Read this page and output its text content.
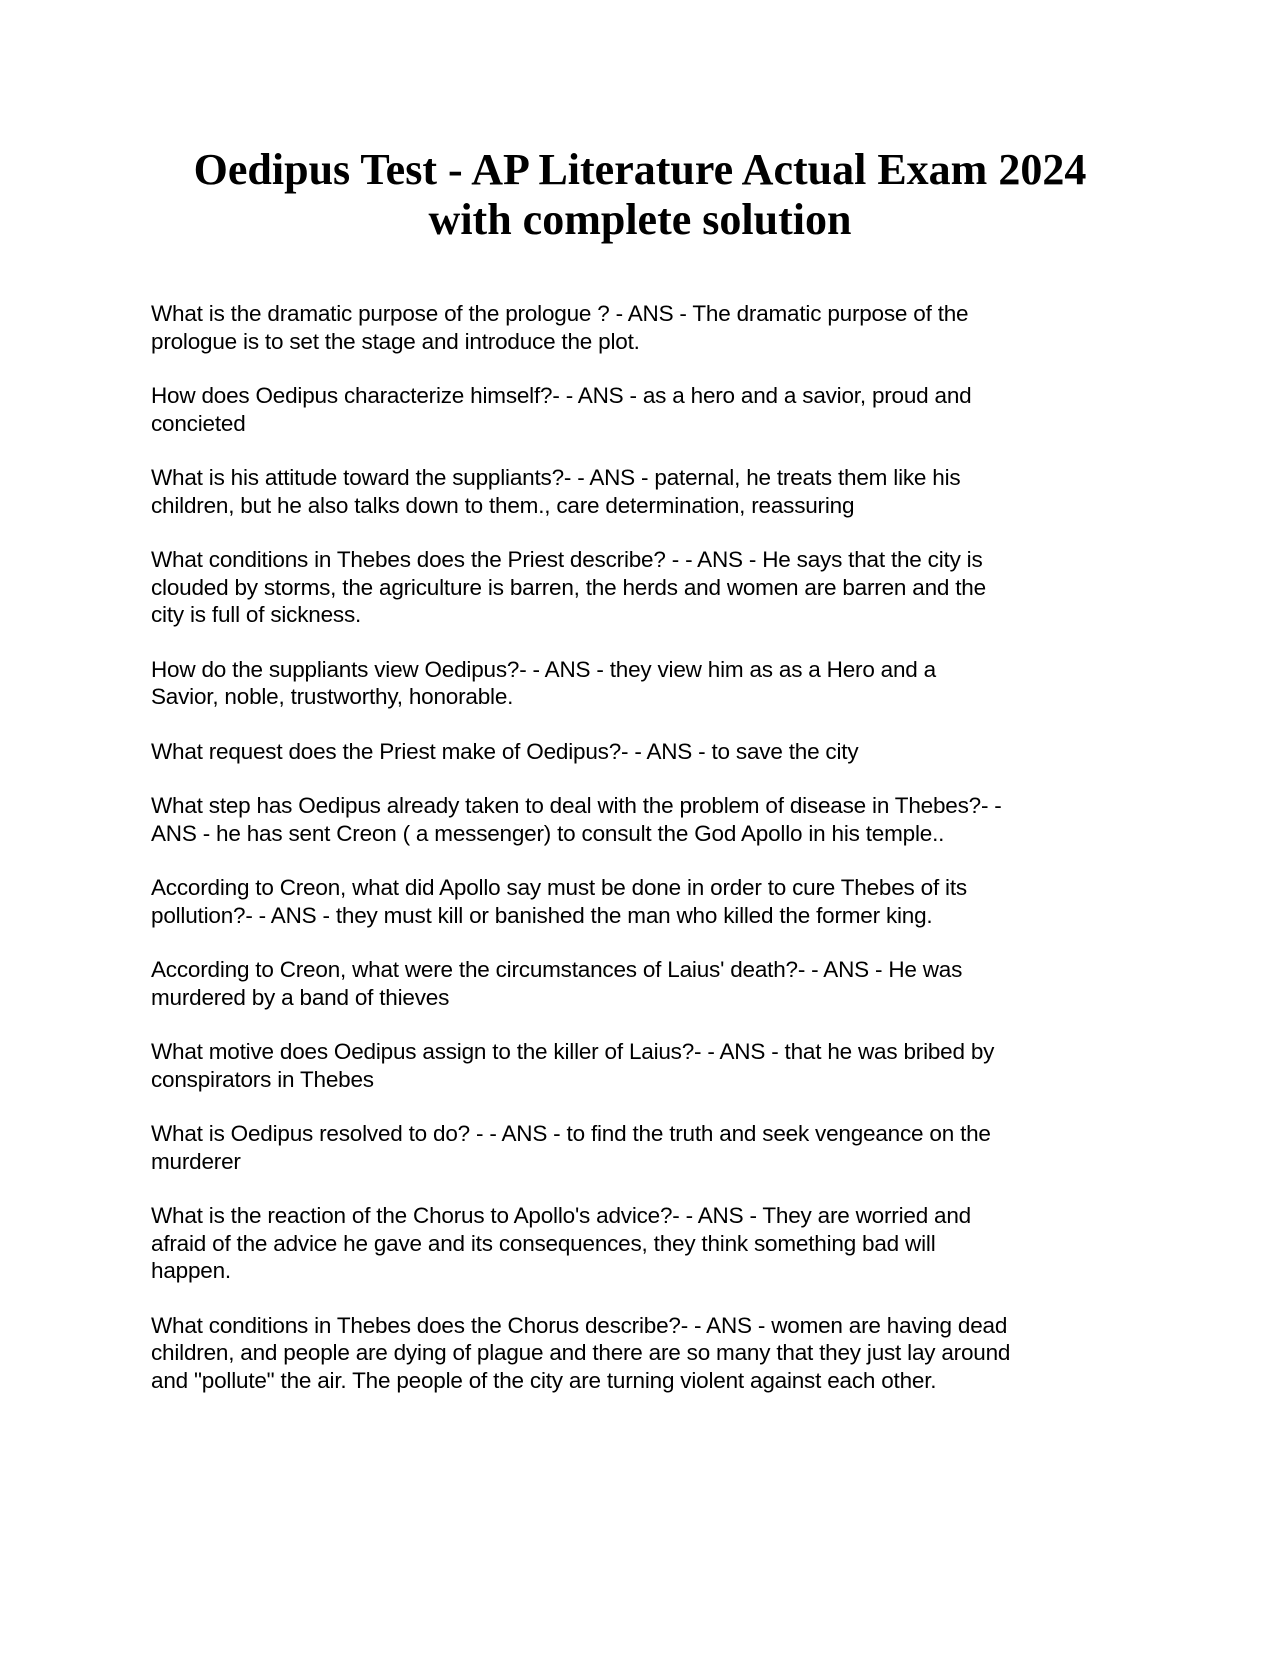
Oedipus Test - AP Literature Actual Exam 2024
with complete solution
What is the dramatic purpose of the prologue ? - ANS - The dramatic purpose of the
prologue is to set the stage and introduce the plot.
How does Oedipus characterize himself?- - ANS - as a hero and a savior, proud and
concieted
What is his attitude toward the suppliants?- - ANS - paternal, he treats them like his
children, but he also talks down to them., care determination, reassuring
What conditions in Thebes does the Priest describe? - - ANS - He says that the city is
clouded by storms, the agriculture is barren, the herds and women are barren and the
city is full of sickness.
How do the suppliants view Oedipus?- - ANS - they view him as as a Hero and a
Savior, noble, trustworthy, honorable.
What request does the Priest make of Oedipus?- - ANS - to save the city
What step has Oedipus already taken to deal with the problem of disease in Thebes?- -
ANS - he has sent Creon ( a messenger) to consult the God Apollo in his temple..
According to Creon, what did Apollo say must be done in order to cure Thebes of its
pollution?- - ANS - they must kill or banished the man who killed the former king.
According to Creon, what were the circumstances of Laius' death?- - ANS - He was
murdered by a band of thieves
What motive does Oedipus assign to the killer of Laius?- - ANS - that he was bribed by
conspirators in Thebes
What is Oedipus resolved to do? - - ANS - to find the truth and seek vengeance on the
murderer
What is the reaction of the Chorus to Apollo's advice?- - ANS - They are worried and
afraid of the advice he gave and its consequences, they think something bad will
happen.
What conditions in Thebes does the Chorus describe?- - ANS - women are having dead
children, and people are dying of plague and there are so many that they just lay around
and "pollute" the air. The people of the city are turning violent against each other.
